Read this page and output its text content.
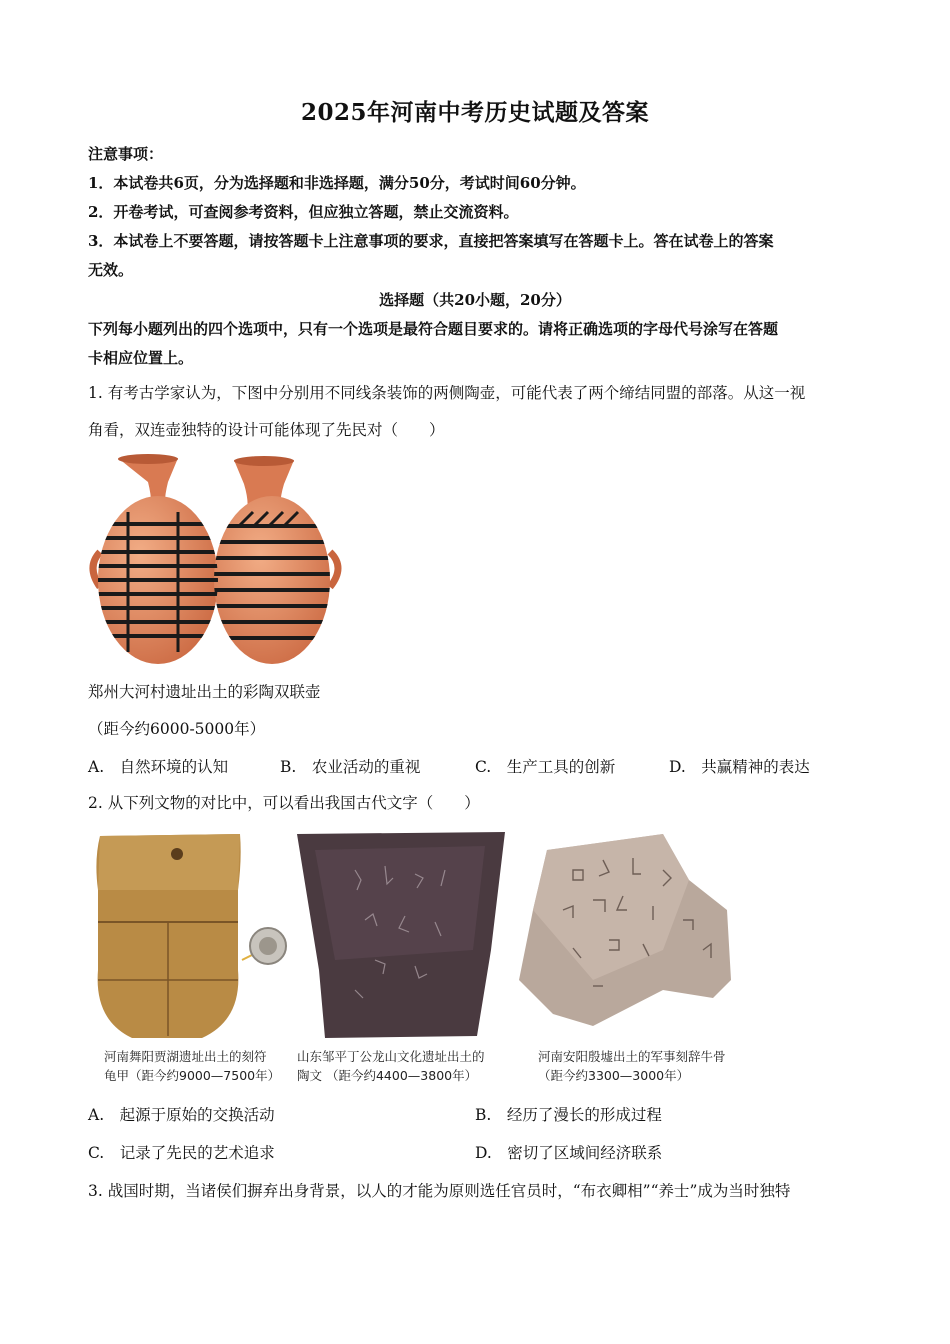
2025年河南中考历史试题及答案
注意事项：
1．本试卷共6页，分为选择题和非选择题，满分50分，考试时间60分钟。
2．开卷考试，可查阅参考资料，但应独立答题，禁止交流资料。
3．本试卷上不要答题，请按答题卡上注意事项的要求，直接把答案填写在答题卡上。答在试卷上的答案
无效。
选择题（共20小题，20分）
下列每小题列出的四个选项中，只有一个选项是最符合题目要求的。请将正确选项的字母代号涂写在答题
卡相应位置上。
1. 有考古学家认为，下图中分别用不同线条装饰的两侧陶壶，可能代表了两个缔结同盟的部落。从这一视
角看，双连壶独特的设计可能体现了先民对（　　）
郑州大河村遗址出土的彩陶双联壶
（距今约6000-5000年）
A.　自然环境的认知	B.　农业活动的重视	C.　生产工具的创新	D.　共赢精神的表达
2. 从下列文物的对比中，可以看出我国古代文字（　　）
河南舞阳贾湖遗址出土的刻符
龟甲（距今约9000—7500年）
山东邹平丁公龙山文化遗址出土的
陶文 （距今约4400—3800年）
河南安阳殷墟出土的军事刻辞牛骨
（距今约3300—3000年）
A.　起源于原始的交换活动	B.　经历了漫长的形成过程
C.　记录了先民的艺术追求	D.　密切了区域间经济联系
3. 战国时期，当诸侯们摒弃出身背景，以人的才能为原则选任官员时，“布衣卿相”“养士”成为当时独特
